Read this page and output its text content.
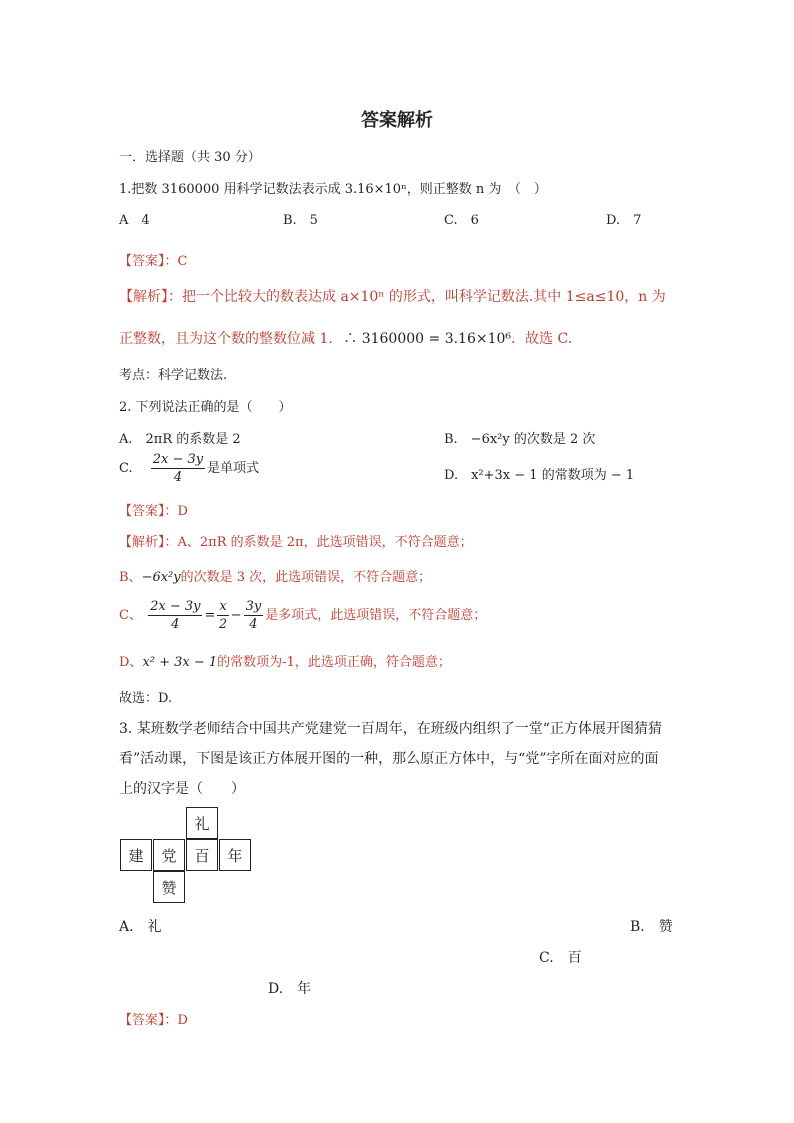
答案解析
一．选择题（共 30 分）
1.把数 3160000 用科学记数法表示成 3.16×10ⁿ，则正整数 n 为　（　）
A　4	B.　5	C.　6	D.　7
【答案】：C
【解析】：把一个比较大的数表达成 a×10ⁿ 的形式，叫科学记数法.其中 1≤a≤10，n 为
正整数，且为这个数的整数位减 1. ∴ 3160000 = 3.16×10⁶．故选 C.
考点：科学记数法.
2. 下列说法正确的是（　　）
A.　2πR 的系数是 2	B.　−6x²y 的次数是 2 次
C. $\frac{2x - 3y}{4}$ 是单项式	D.　x²+3x − 1 的常数项为 − 1
【答案】：D
【解析】：A、2πR 的系数是 2π，此选项错误，不符合题意；
B、−6x²y的次数是 3 次，此选项错误，不符合题意；
C、 $\frac{2x - 3y}{4} = \frac{x}{2} - \frac{3y}{4}$ 是多项式，此选项错误，不符合题意；
D、x² + 3x − 1的常数项为-1，此选项正确，符合题意；
故选：D.
3. 某班数学老师结合中国共产党建党一百周年，在班级内组织了一堂“正方体展开图猜猜
看”活动课，下图是该正方体展开图的一种，那么原正方体中，与“党”字所在面对应的面
上的汉字是（　　）
礼
建	党	百	年
赞
A.　礼	B.　赞
C.　百
D.　年
【答案】：D
